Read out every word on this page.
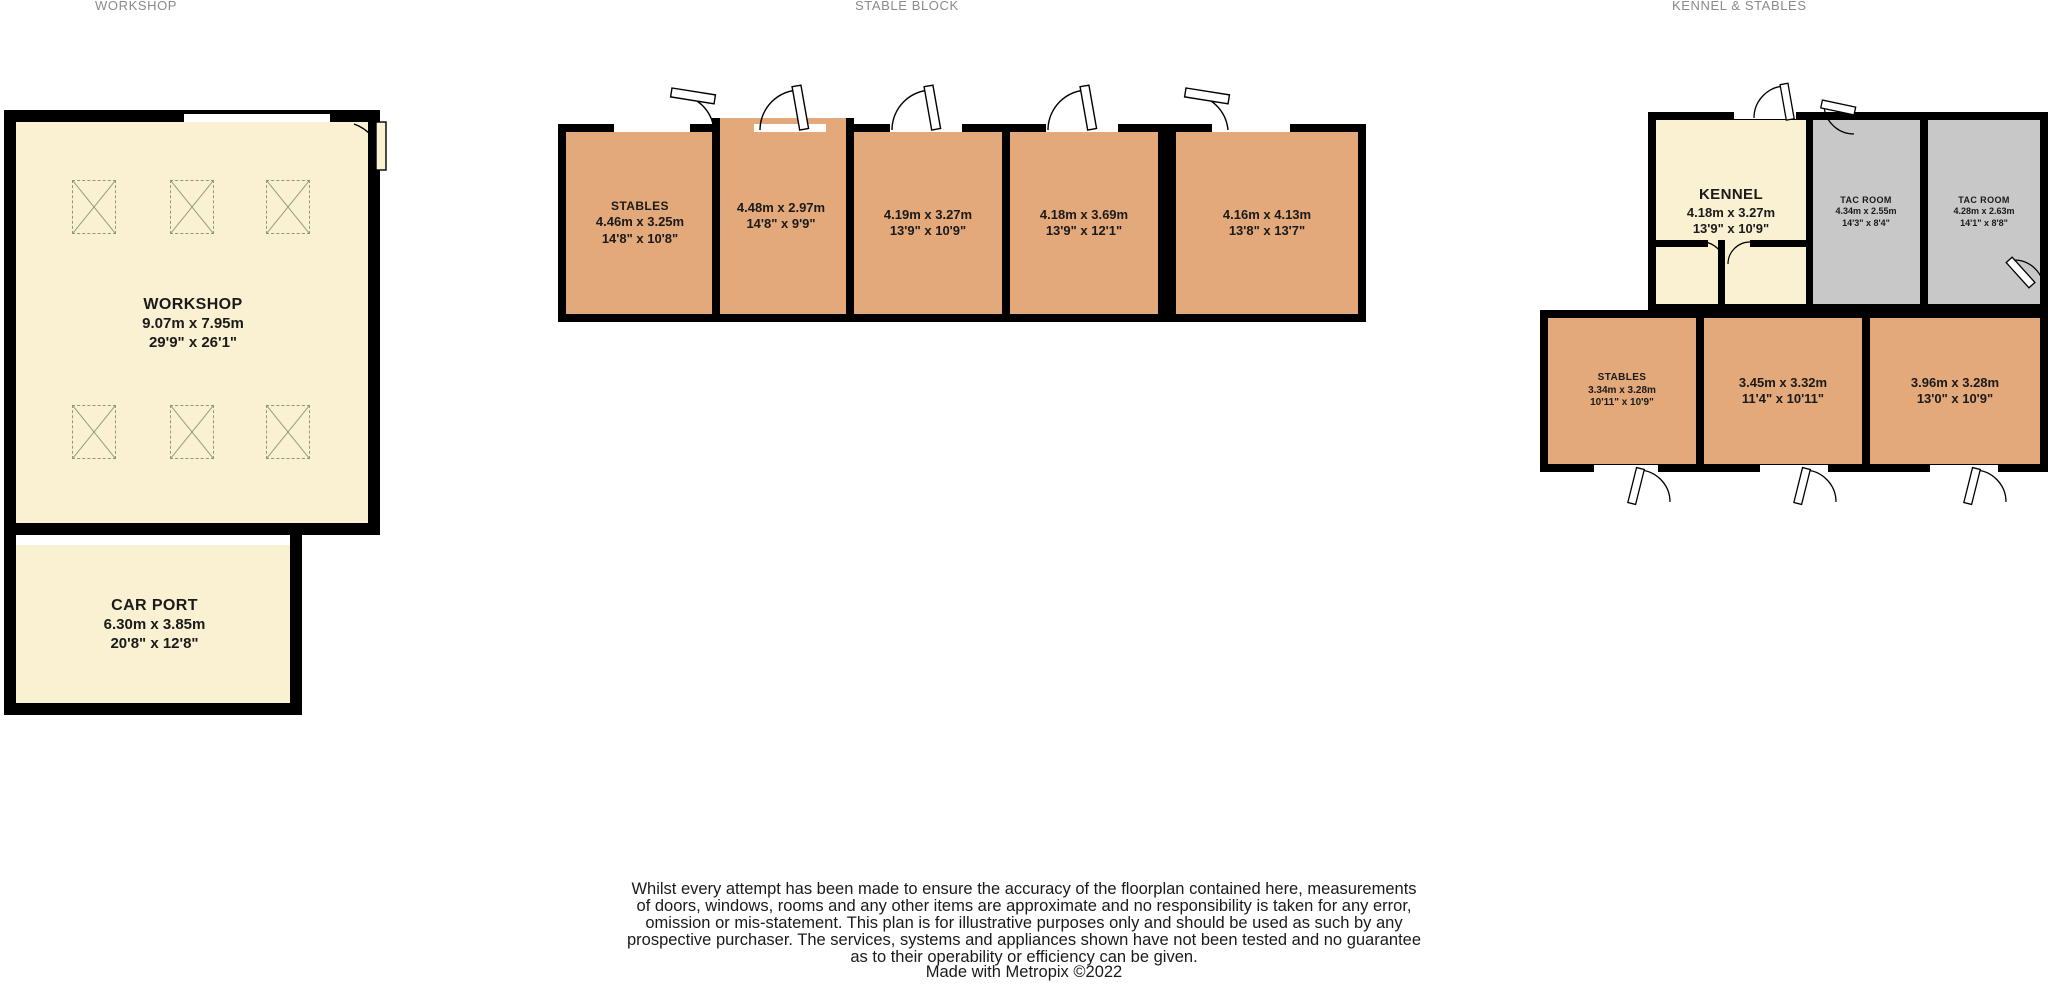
WORKSHOP	STABLE BLOCK	KENNEL & STABLES
WORKSHOP
9.07m x 7.95m
29'9" x 26'1"
CAR PORT
6.30m x 3.85m
20'8" x 12'8"
STABLES
4.46m x 3.25m
14'8" x 10'8"
4.48m x 2.97m
14'8" x 9'9"
4.19m x 3.27m
13'9" x 10'9"
4.18m x 3.69m
13'9" x 12'1"
4.16m x 4.13m
13'8" x 13'7"
KENNEL
4.18m x 3.27m
13'9" x 10'9"
TAC ROOM
4.34m x 2.55m
14'3" x 8'4"
TAC ROOM
4.28m x 2.63m
14'1" x 8'8"
STABLES
3.34m x 3.28m
10'11" x 10'9"
3.45m x 3.32m
11'4" x 10'11"
3.96m x 3.28m
13'0" x 10'9"
Whilst every attempt has been made to ensure the accuracy of the floorplan contained here, measurements
of doors, windows, rooms and any other items are approximate and no responsibility is taken for any error,
omission or mis-statement. This plan is for illustrative purposes only and should be used as such by any
prospective purchaser. The services, systems and appliances shown have not been tested and no guarantee
as to their operability or efficiency can be given.
Made with Metropix ©2022
